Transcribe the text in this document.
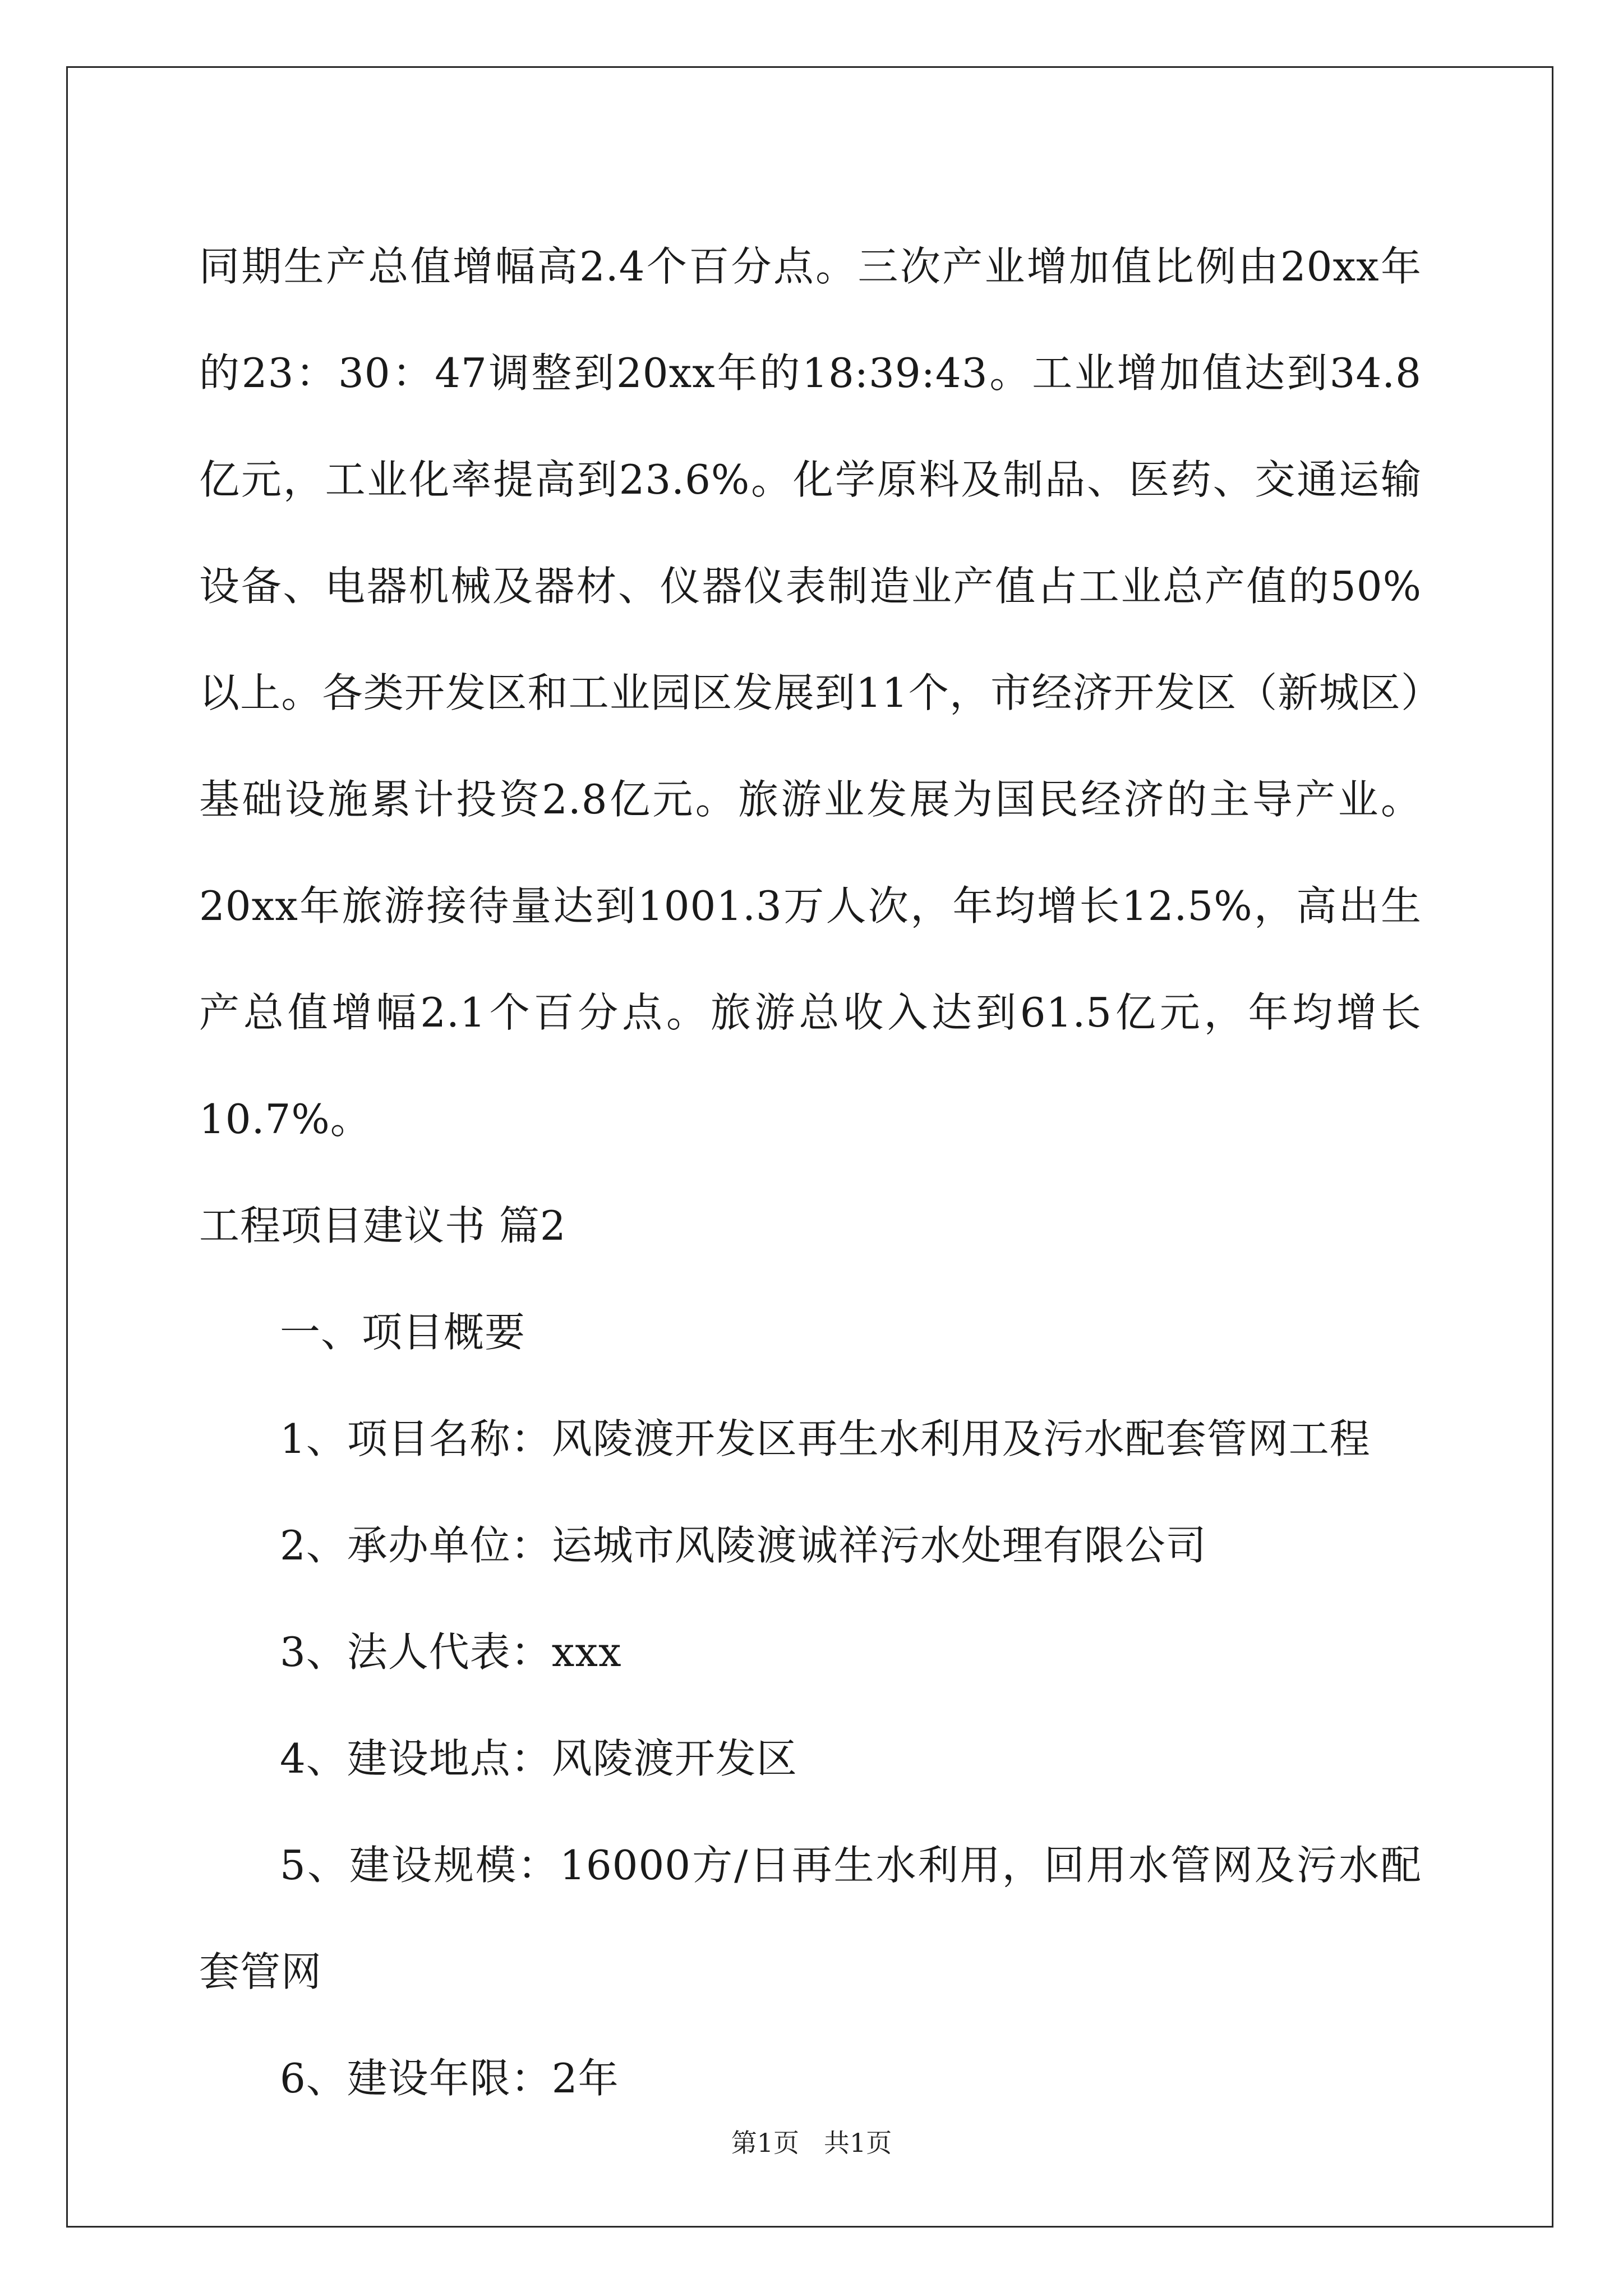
同期生产总值增幅高2.4个百分点。三次产业增加值比例由20xx年的23：30：47调整到20xx年的18:39:43。工业增加值达到34.8亿元，工业化率提高到23.6%。化学原料及制品、医药、交通运输设备、电器机械及器材、仪器仪表制造业产值占工业总产值的50%以上。各类开发区和工业园区发展到11个，市经济开发区（新城区）基础设施累计投资2.8亿元。旅游业发展为国民经济的主导产业。20xx年旅游接待量达到1001.3万人次，年均增长12.5%，高出生产总值增幅2.1个百分点。旅游总收入达到61.5亿元，年均增长10.7%。

工程项目建议书 篇2

一、项目概要

1、项目名称：风陵渡开发区再生水利用及污水配套管网工程

2、承办单位：运城市风陵渡诚祥污水处理有限公司

3、法人代表：xxx

4、建设地点：风陵渡开发区

5、建设规模：16000方/日再生水利用，回用水管网及污水配套管网

6、建设年限：2年

第1页 共1页
